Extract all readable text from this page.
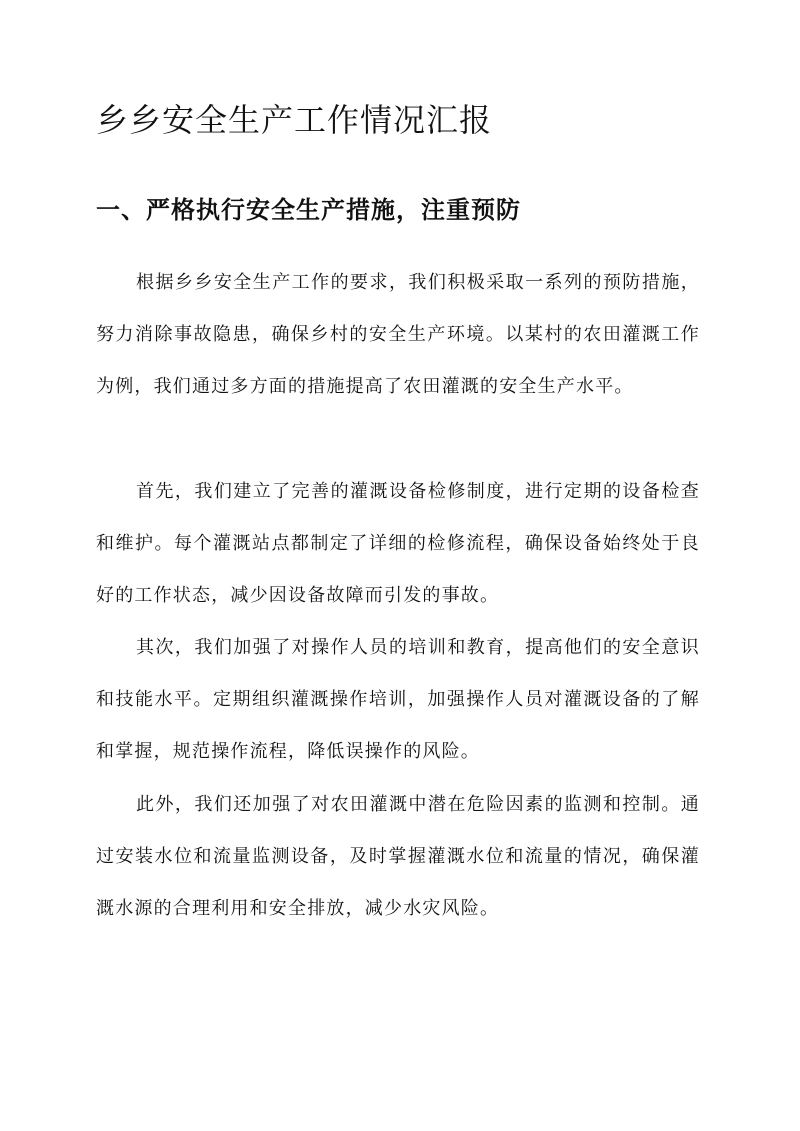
乡乡安全生产工作情况汇报
一、严格执行安全生产措施，注重预防

根据乡乡安全生产工作的要求，我们积极采取一系列的预防措施，努力消除事故隐患，确保乡村的安全生产环境。以某村的农田灌溉工作为例，我们通过多方面的措施提高了农田灌溉的安全生产水平。

首先，我们建立了完善的灌溉设备检修制度，进行定期的设备检查和维护。每个灌溉站点都制定了详细的检修流程，确保设备始终处于良好的工作状态，减少因设备故障而引发的事故。

其次，我们加强了对操作人员的培训和教育，提高他们的安全意识和技能水平。定期组织灌溉操作培训，加强操作人员对灌溉设备的了解和掌握，规范操作流程，降低误操作的风险。

此外，我们还加强了对农田灌溉中潜在危险因素的监测和控制。通过安装水位和流量监测设备，及时掌握灌溉水位和流量的情况，确保灌溉水源的合理利用和安全排放，减少水灾风险。
